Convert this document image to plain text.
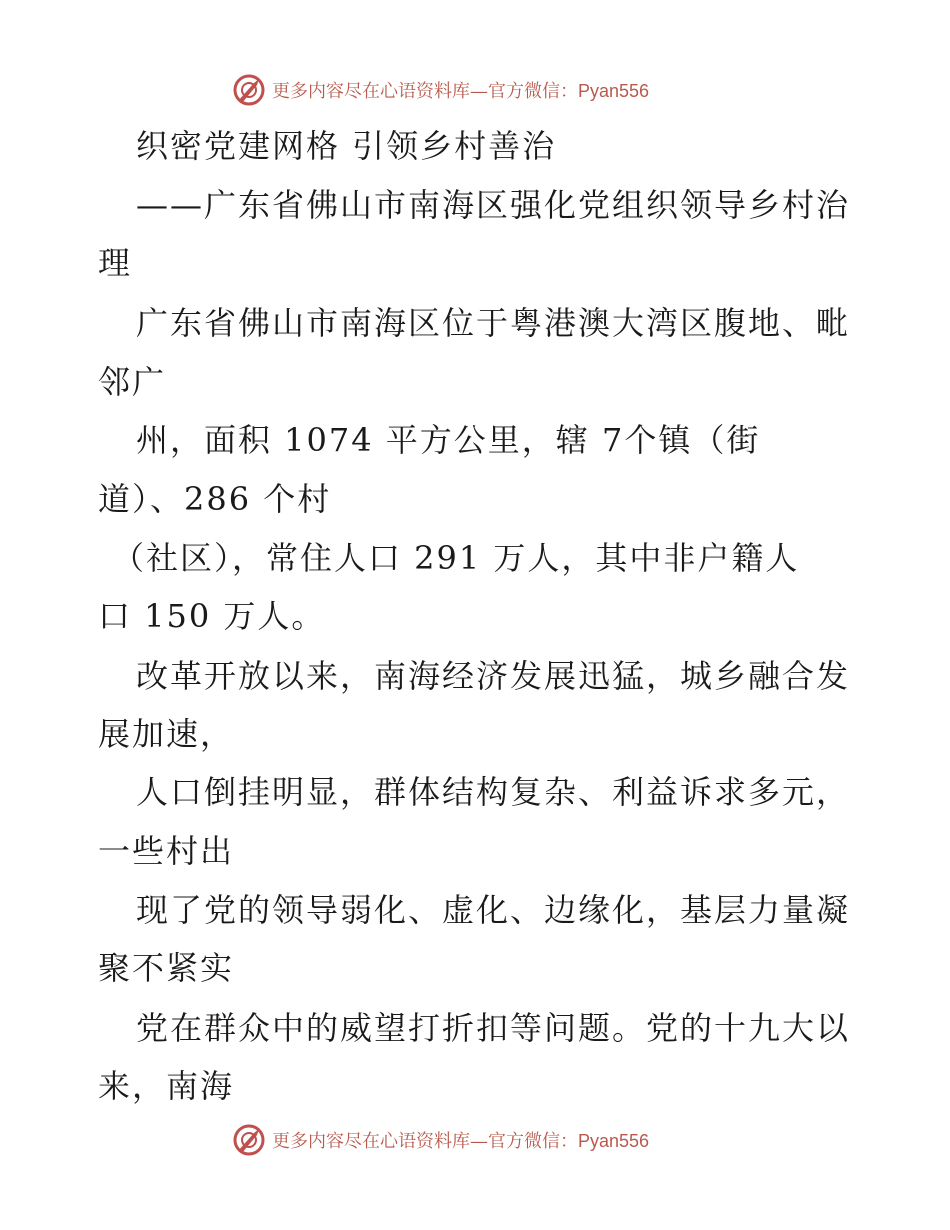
更多内容尽在心语资料库—官方微信：Pyan556
织密党建网格 引领乡村善治
——广东省佛山市南海区强化党组织领导乡村治
理
广东省佛山市南海区位于粤港澳大湾区腹地、毗
邻广
州，面积 1074 平方公里，辖 7个镇（街
道）、286 个村
（社区），常住人口 291 万人，其中非户籍人
口 150 万人。
改革开放以来，南海经济发展迅猛，城乡融合发
展加速，
人口倒挂明显，群体结构复杂、利益诉求多元，
一些村出
现了党的领导弱化、虚化、边缘化，基层力量凝
聚不紧实
党在群众中的威望打折扣等问题。党的十九大以
来，南海
更多内容尽在心语资料库—官方微信：Pyan556
